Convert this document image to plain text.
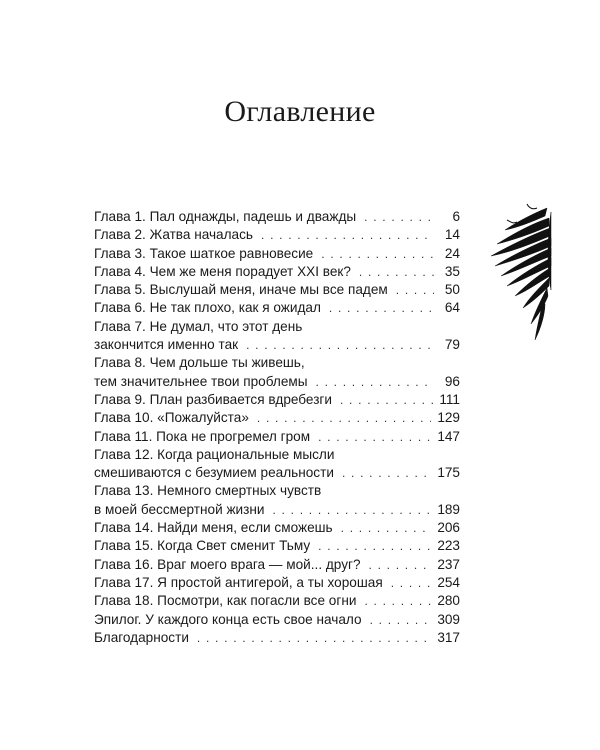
Оглавление
Глава 1. Пал однажды, падешь и дважды . . .	6
Глава 2. Жатва началась . . .	14
Глава 3. Такое шаткое равновесие . . .	24
Глава 4. Чем же меня порадует XXI век? . . .	35
Глава 5. Выслушай меня, иначе мы все падем . . .	50
Глава 6. Не так плохо, как я ожидал . . .	64
Глава 7. Не думал, что этот день
закончится именно так . . .	79
Глава 8. Чем дольше ты живешь,
тем значительнее твои проблемы . . .	96
Глава 9. План разбивается вдребезги . . .	111
Глава 10. «Пожалуйста» . . .	129
Глава 11. Пока не прогремел гром . . .	147
Глава 12. Когда рациональные мысли
смешиваются с безумием реальности . . .	175
Глава 13. Немного смертных чувств
в моей бессмертной жизни . . .	189
Глава 14. Найди меня, если сможешь . . .	206
Глава 15. Когда Свет сменит Тьму . . .	223
Глава 16. Враг моего врага — мой... друг? . . .	237
Глава 17. Я простой антигерой, а ты хорошая . . .	254
Глава 18. Посмотри, как погасли все огни . . .	280
Эпилог. У каждого конца есть свое начало . . .	309
Благодарности . . .	317
